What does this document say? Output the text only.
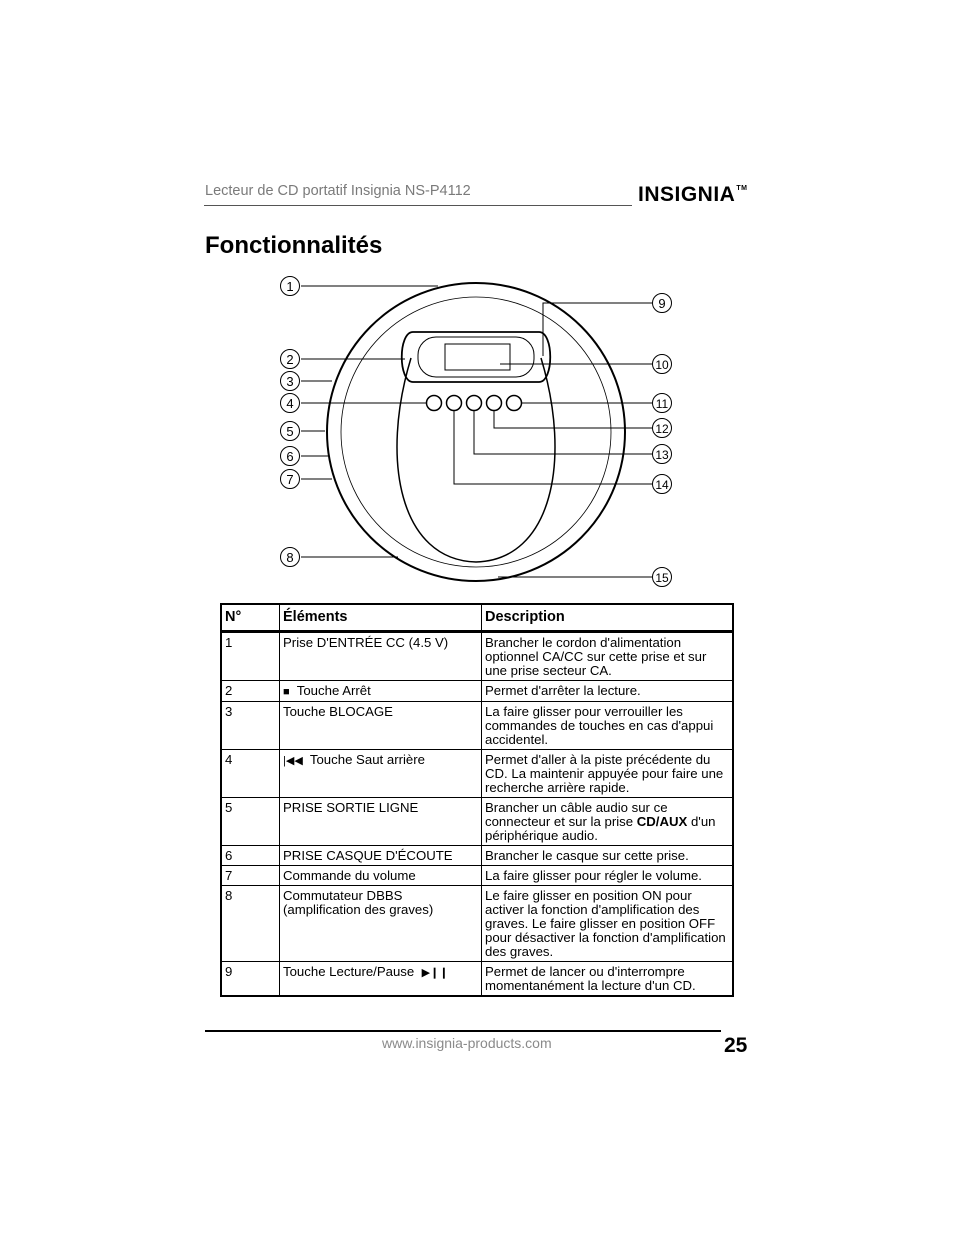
Lecteur de CD portatif Insignia NS-P4112	INSIGNIA™
Fonctionnalités
1
2
3
4
5
6
7
8
9
10
11
12
13
14
15
N°	Éléments	Description
1	Prise D'ENTRÉE CC (4.5 V)	Brancher le cordon d'alimentation optionnel CA/CC sur cette prise et sur une prise secteur CA.
2	■ Touche Arrêt	Permet d'arrêter la lecture.
3	Touche BLOCAGE	La faire glisser pour verrouiller les commandes de touches en cas d'appui accidentel.
4	|◀◀ Touche Saut arrière	Permet d'aller à la piste précédente du CD. La maintenir appuyée pour faire une recherche arrière rapide.
5	PRISE SORTIE LIGNE	Brancher un câble audio sur ce connecteur et sur la prise CD/AUX d'un périphérique audio.
6	PRISE CASQUE D'ÉCOUTE	Brancher le casque sur cette prise.
7	Commande du volume	La faire glisser pour régler le volume.
8	Commutateur DBBS (amplification des graves)	Le faire glisser en position ON pour activer la fonction d'amplification des graves. Le faire glisser en position OFF pour désactiver la fonction d'amplification des graves.
9	Touche Lecture/Pause ▶❙❙	Permet de lancer ou d'interrompre momentanément la lecture d'un CD.
www.insignia-products.com	25
